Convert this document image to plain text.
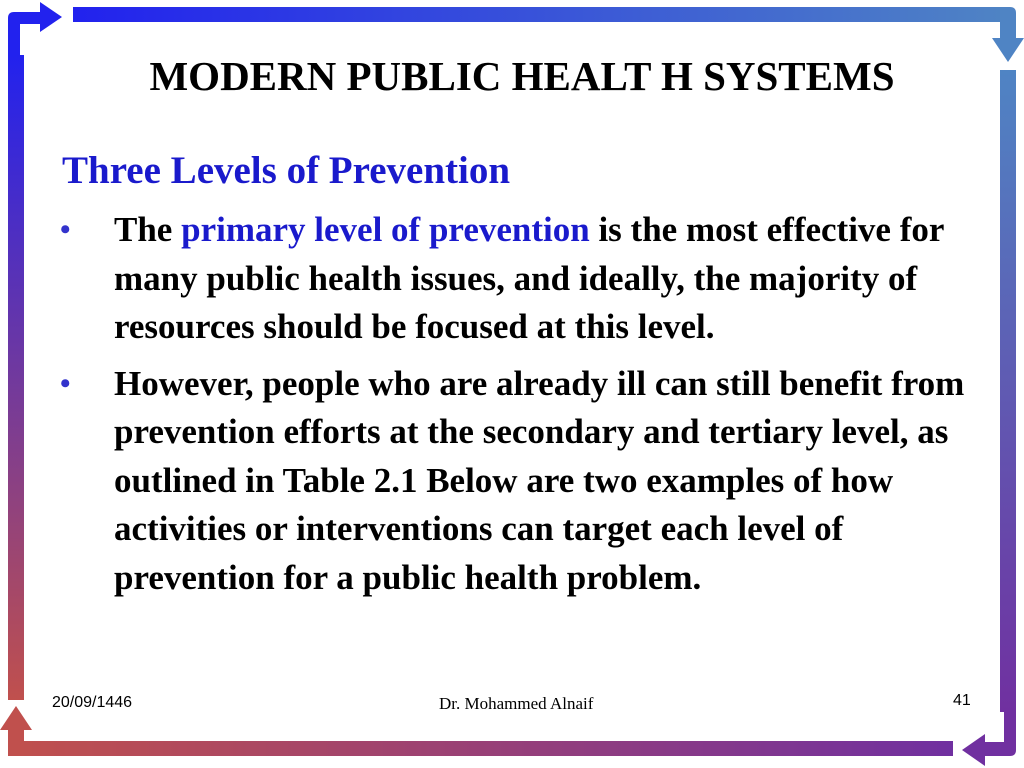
MODERN PUBLIC HEALT H SYSTEMS
Three Levels of Prevention
• The primary level of prevention is the most effective for many public health issues, and ideally, the majority of resources should be focused at this level.
• However, people who are already ill can still benefit from prevention efforts at the secondary and tertiary level, as outlined in Table 2.1 Below are two examples of how activities or interventions can target each level of prevention for a public health problem.
20/09/1446	Dr. Mohammed Alnaif	41
